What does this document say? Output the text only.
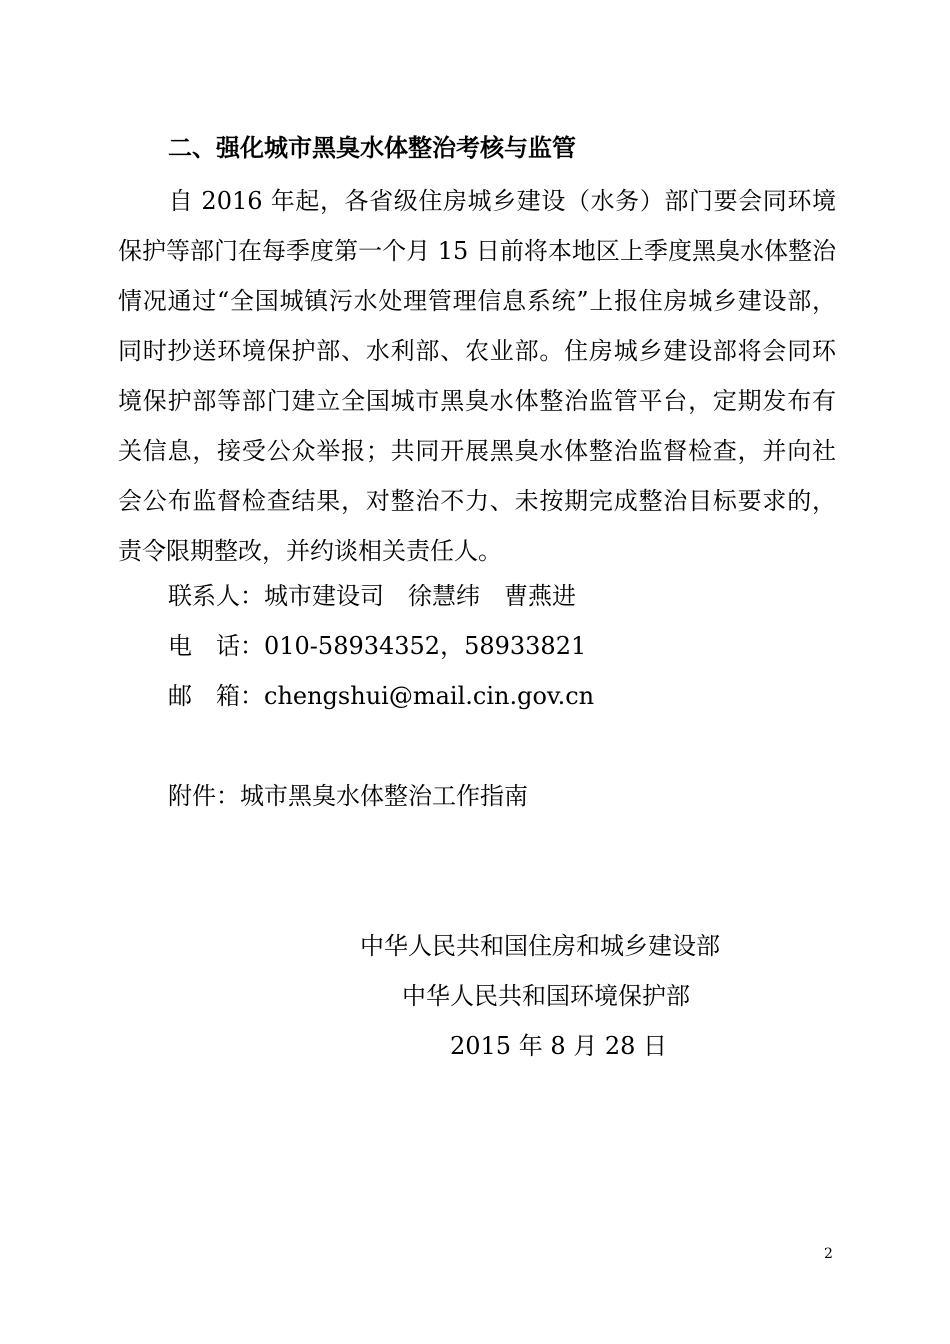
二、强化城市黑臭水体整治考核与监管
自 2016 年起，各省级住房城乡建设（水务）部门要会同环境保护等部门在每季度第一个月 15 日前将本地区上季度黑臭水体整治情况通过“全国城镇污水处理管理信息系统”上报住房城乡建设部，同时抄送环境保护部、水利部、农业部。住房城乡建设部将会同环境保护部等部门建立全国城市黑臭水体整治监管平台，定期发布有关信息，接受公众举报；共同开展黑臭水体整治监督检查，并向社会公布监督检查结果，对整治不力、未按期完成整治目标要求的，责令限期整改，并约谈相关责任人。
联系人：城市建设司　徐慧纬　曹燕进
电　话：010-58934352，58933821
邮　箱：chengshui@mail.cin.gov.cn
附件：城市黑臭水体整治工作指南
中华人民共和国住房和城乡建设部
中华人民共和国环境保护部
2015 年 8 月 28 日
2
